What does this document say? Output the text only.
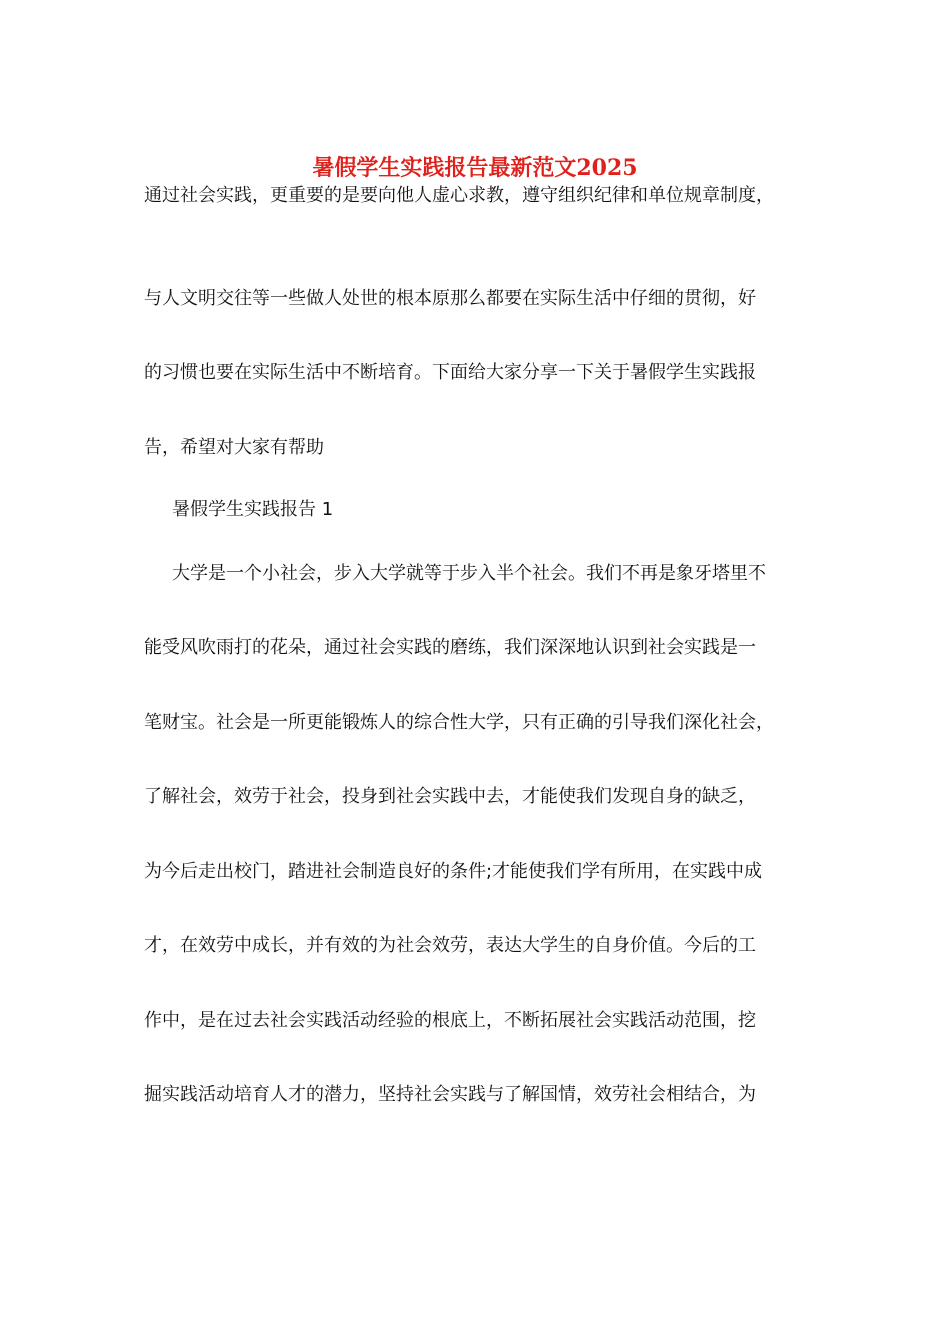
暑假学生实践报告最新范文2025
通过社会实践，更重要的是要向他人虚心求教，遵守组织纪律和单位规章制度，
与人文明交往等一些做人处世的根本原那么都要在实际生活中仔细的贯彻，好
的习惯也要在实际生活中不断培育。下面给大家分享一下关于暑假学生实践报
告，希望对大家有帮助
暑假学生实践报告 1
大学是一个小社会，步入大学就等于步入半个社会。我们不再是象牙塔里不
能受风吹雨打的花朵，通过社会实践的磨练，我们深深地认识到社会实践是一
笔财宝。社会是一所更能锻炼人的综合性大学，只有正确的引导我们深化社会，
了解社会，效劳于社会，投身到社会实践中去，才能使我们发现自身的缺乏，
为今后走出校门，踏进社会制造良好的条件;才能使我们学有所用，在实践中成
才，在效劳中成长，并有效的为社会效劳，表达大学生的自身价值。今后的工
作中，是在过去社会实践活动经验的根底上，不断拓展社会实践活动范围，挖
掘实践活动培育人才的潜力，坚持社会实践与了解国情，效劳社会相结合，为
